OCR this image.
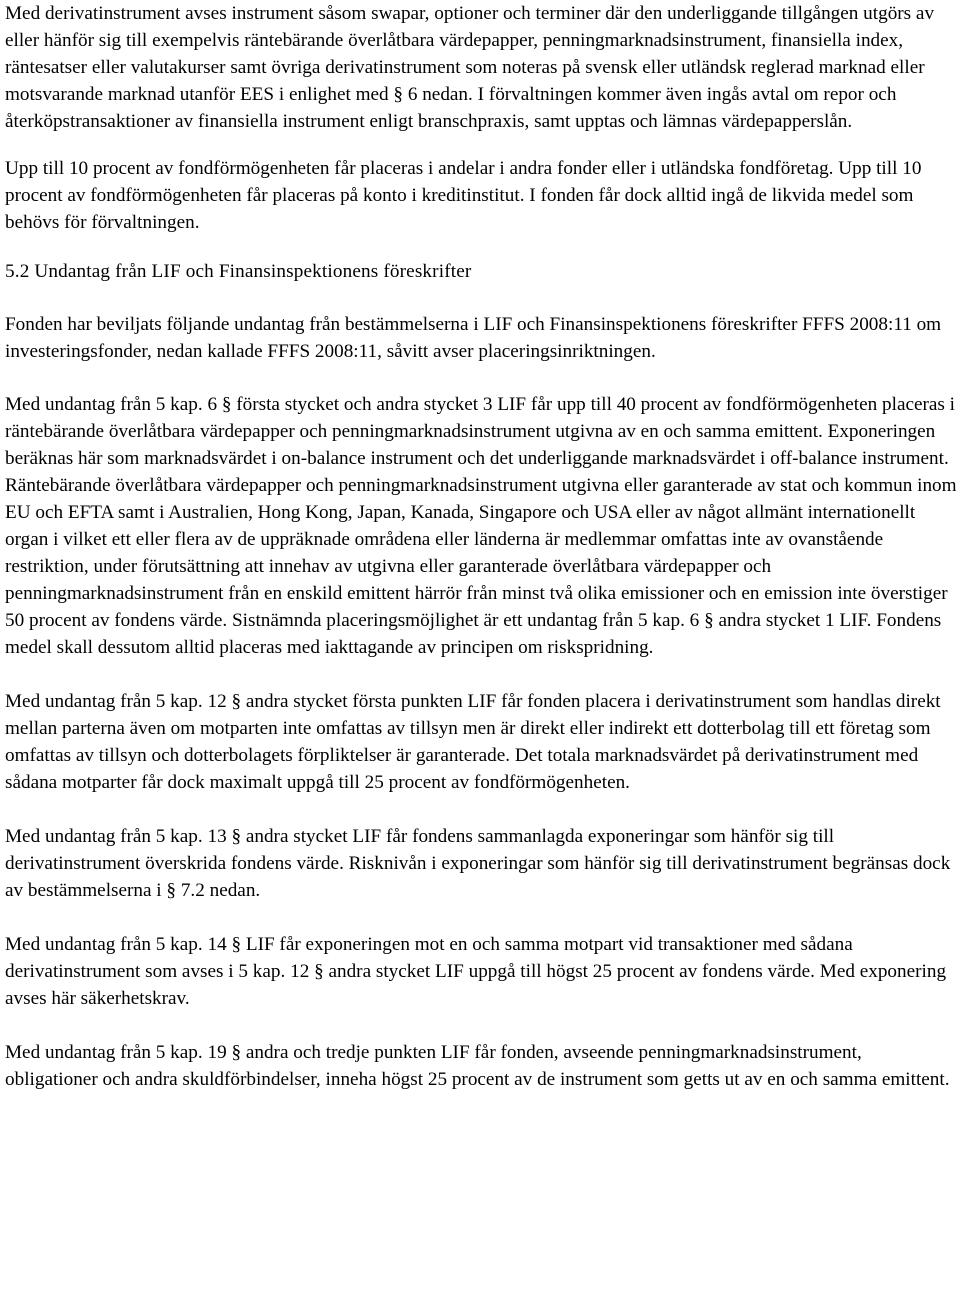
Med derivatinstrument avses instrument såsom swapar, optioner och terminer där den underliggande tillgången utgörs av eller hänför sig till exempelvis räntebärande överlåtbara värdepapper, penningmarknadsinstrument, finansiella index, räntesatser eller valutakurser samt övriga derivatinstrument som noteras på svensk eller utländsk reglerad marknad eller motsvarande marknad utanför EES i enlighet med § 6 nedan. I förvaltningen kommer även ingås avtal om repor och återköpstransaktioner av finansiella instrument enligt branschpraxis, samt upptas och lämnas värdepapperslån.

Upp till 10 procent av fondförmögenheten får placeras i andelar i andra fonder eller i utländska fondföretag. Upp till 10 procent av fondförmögenheten får placeras på konto i kreditinstitut. I fonden får dock alltid ingå de likvida medel som behövs för förvaltningen.

5.2 Undantag från LIF och Finansinspektionens föreskrifter

Fonden har beviljats följande undantag från bestämmelserna i LIF och Finansinspektionens föreskrifter FFFS 2008:11 om investeringsfonder, nedan kallade FFFS 2008:11, såvitt avser placeringsinriktningen.

Med undantag från 5 kap. 6 § första stycket och andra stycket 3 LIF får upp till 40 procent av fondförmögenheten placeras i räntebärande överlåtbara värdepapper och penningmarknadsinstrument utgivna av en och samma emittent. Exponeringen beräknas här som marknadsvärdet i on-balance instrument och det underliggande marknadsvärdet i off-balance instrument. Räntebärande överlåtbara värdepapper och penningmarknadsinstrument utgivna eller garanterade av stat och kommun inom EU och EFTA samt i Australien, Hong Kong, Japan, Kanada, Singapore och USA eller av något allmänt internationellt organ i vilket ett eller flera av de uppräknade områdena eller länderna är medlemmar omfattas inte av ovanstående restriktion, under förutsättning att innehav av utgivna eller garanterade överlåtbara värdepapper och penningmarknadsinstrument från en enskild emittent härrör från minst två olika emissioner och en emission inte överstiger 50 procent av fondens värde. Sistnämnda placeringsmöjlighet är ett undantag från 5 kap. 6 § andra stycket 1 LIF. Fondens medel skall dessutom alltid placeras med iakttagande av principen om riskspridning.

Med undantag från 5 kap. 12 § andra stycket första punkten LIF får fonden placera i derivatinstrument som handlas direkt mellan parterna även om motparten inte omfattas av tillsyn men är direkt eller indirekt ett dotterbolag till ett företag som omfattas av tillsyn och dotterbolagets förpliktelser är garanterade. Det totala marknadsvärdet på derivatinstrument med sådana motparter får dock maximalt uppgå till 25 procent av fondförmögenheten.

Med undantag från 5 kap. 13 § andra stycket LIF får fondens sammanlagda exponeringar som hänför sig till derivatinstrument överskrida fondens värde. Risknivån i exponeringar som hänför sig till derivatinstrument begränsas dock av bestämmelserna i § 7.2 nedan.

Med undantag från 5 kap. 14 § LIF får exponeringen mot en och samma motpart vid transaktioner med sådana derivatinstrument som avses i 5 kap. 12 § andra stycket LIF uppgå till högst 25 procent av fondens värde. Med exponering avses här säkerhetskrav.

Med undantag från 5 kap. 19 § andra och tredje punkten LIF får fonden, avseende penningmarknadsinstrument, obligationer och andra skuldförbindelser, inneha högst 25 procent av de instrument som getts ut av en och samma emittent.
